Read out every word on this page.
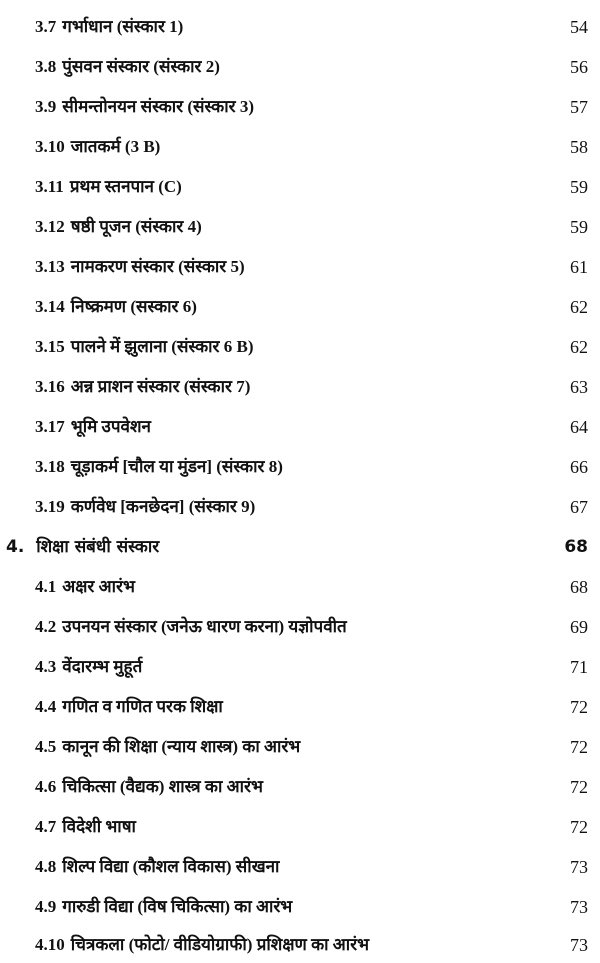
3.7 गर्भाधान (संस्कार 1)	54
3.8 पुंसवन संस्कार (संस्कार 2)	56
3.9 सीमन्तोनयन संस्कार (संस्कार 3)	57
3.10 जातकर्म (3 B)	58
3.11 प्रथम स्तनपान (C)	59
3.12 षष्ठी पूजन (संस्कार 4)	59
3.13 नामकरण संस्कार (संस्कार 5)	61
3.14 निष्क्रमण (सस्कार 6)	62
3.15 पालने में झुलाना (संस्कार 6 B)	62
3.16 अन्न प्राशन संस्कार (संस्कार 7)	63
3.17 भूमि उपवेशन	64
3.18 चूड़ाकर्म [चौल या मुंडन] (संस्कार 8)	66
3.19 कर्णवेध [कनछेदन] (संस्कार 9)	67
4. शिक्षा संबंधी संस्कार	68
4.1 अक्षर आरंभ	68
4.2 उपनयन संस्कार (जनेऊ धारण करना) यज्ञोपवीत	69
4.3 वेंदारम्भ मुहूर्त	71
4.4 गणित व गणित परक शिक्षा	72
4.5 कानून की शिक्षा (न्याय शास्त्र) का आरंभ	72
4.6 चिकित्सा (वैद्यक) शास्त्र का आरंभ	72
4.7 विदेशी भाषा	72
4.8 शिल्प विद्या (कौशल विकास) सीखना	73
4.9 गारुडी विद्या (विष चिकित्सा) का आरंभ	73
4.10 चित्रकला (फोटो/ वीडियोग्राफी) प्रशिक्षण का आरंभ	73
